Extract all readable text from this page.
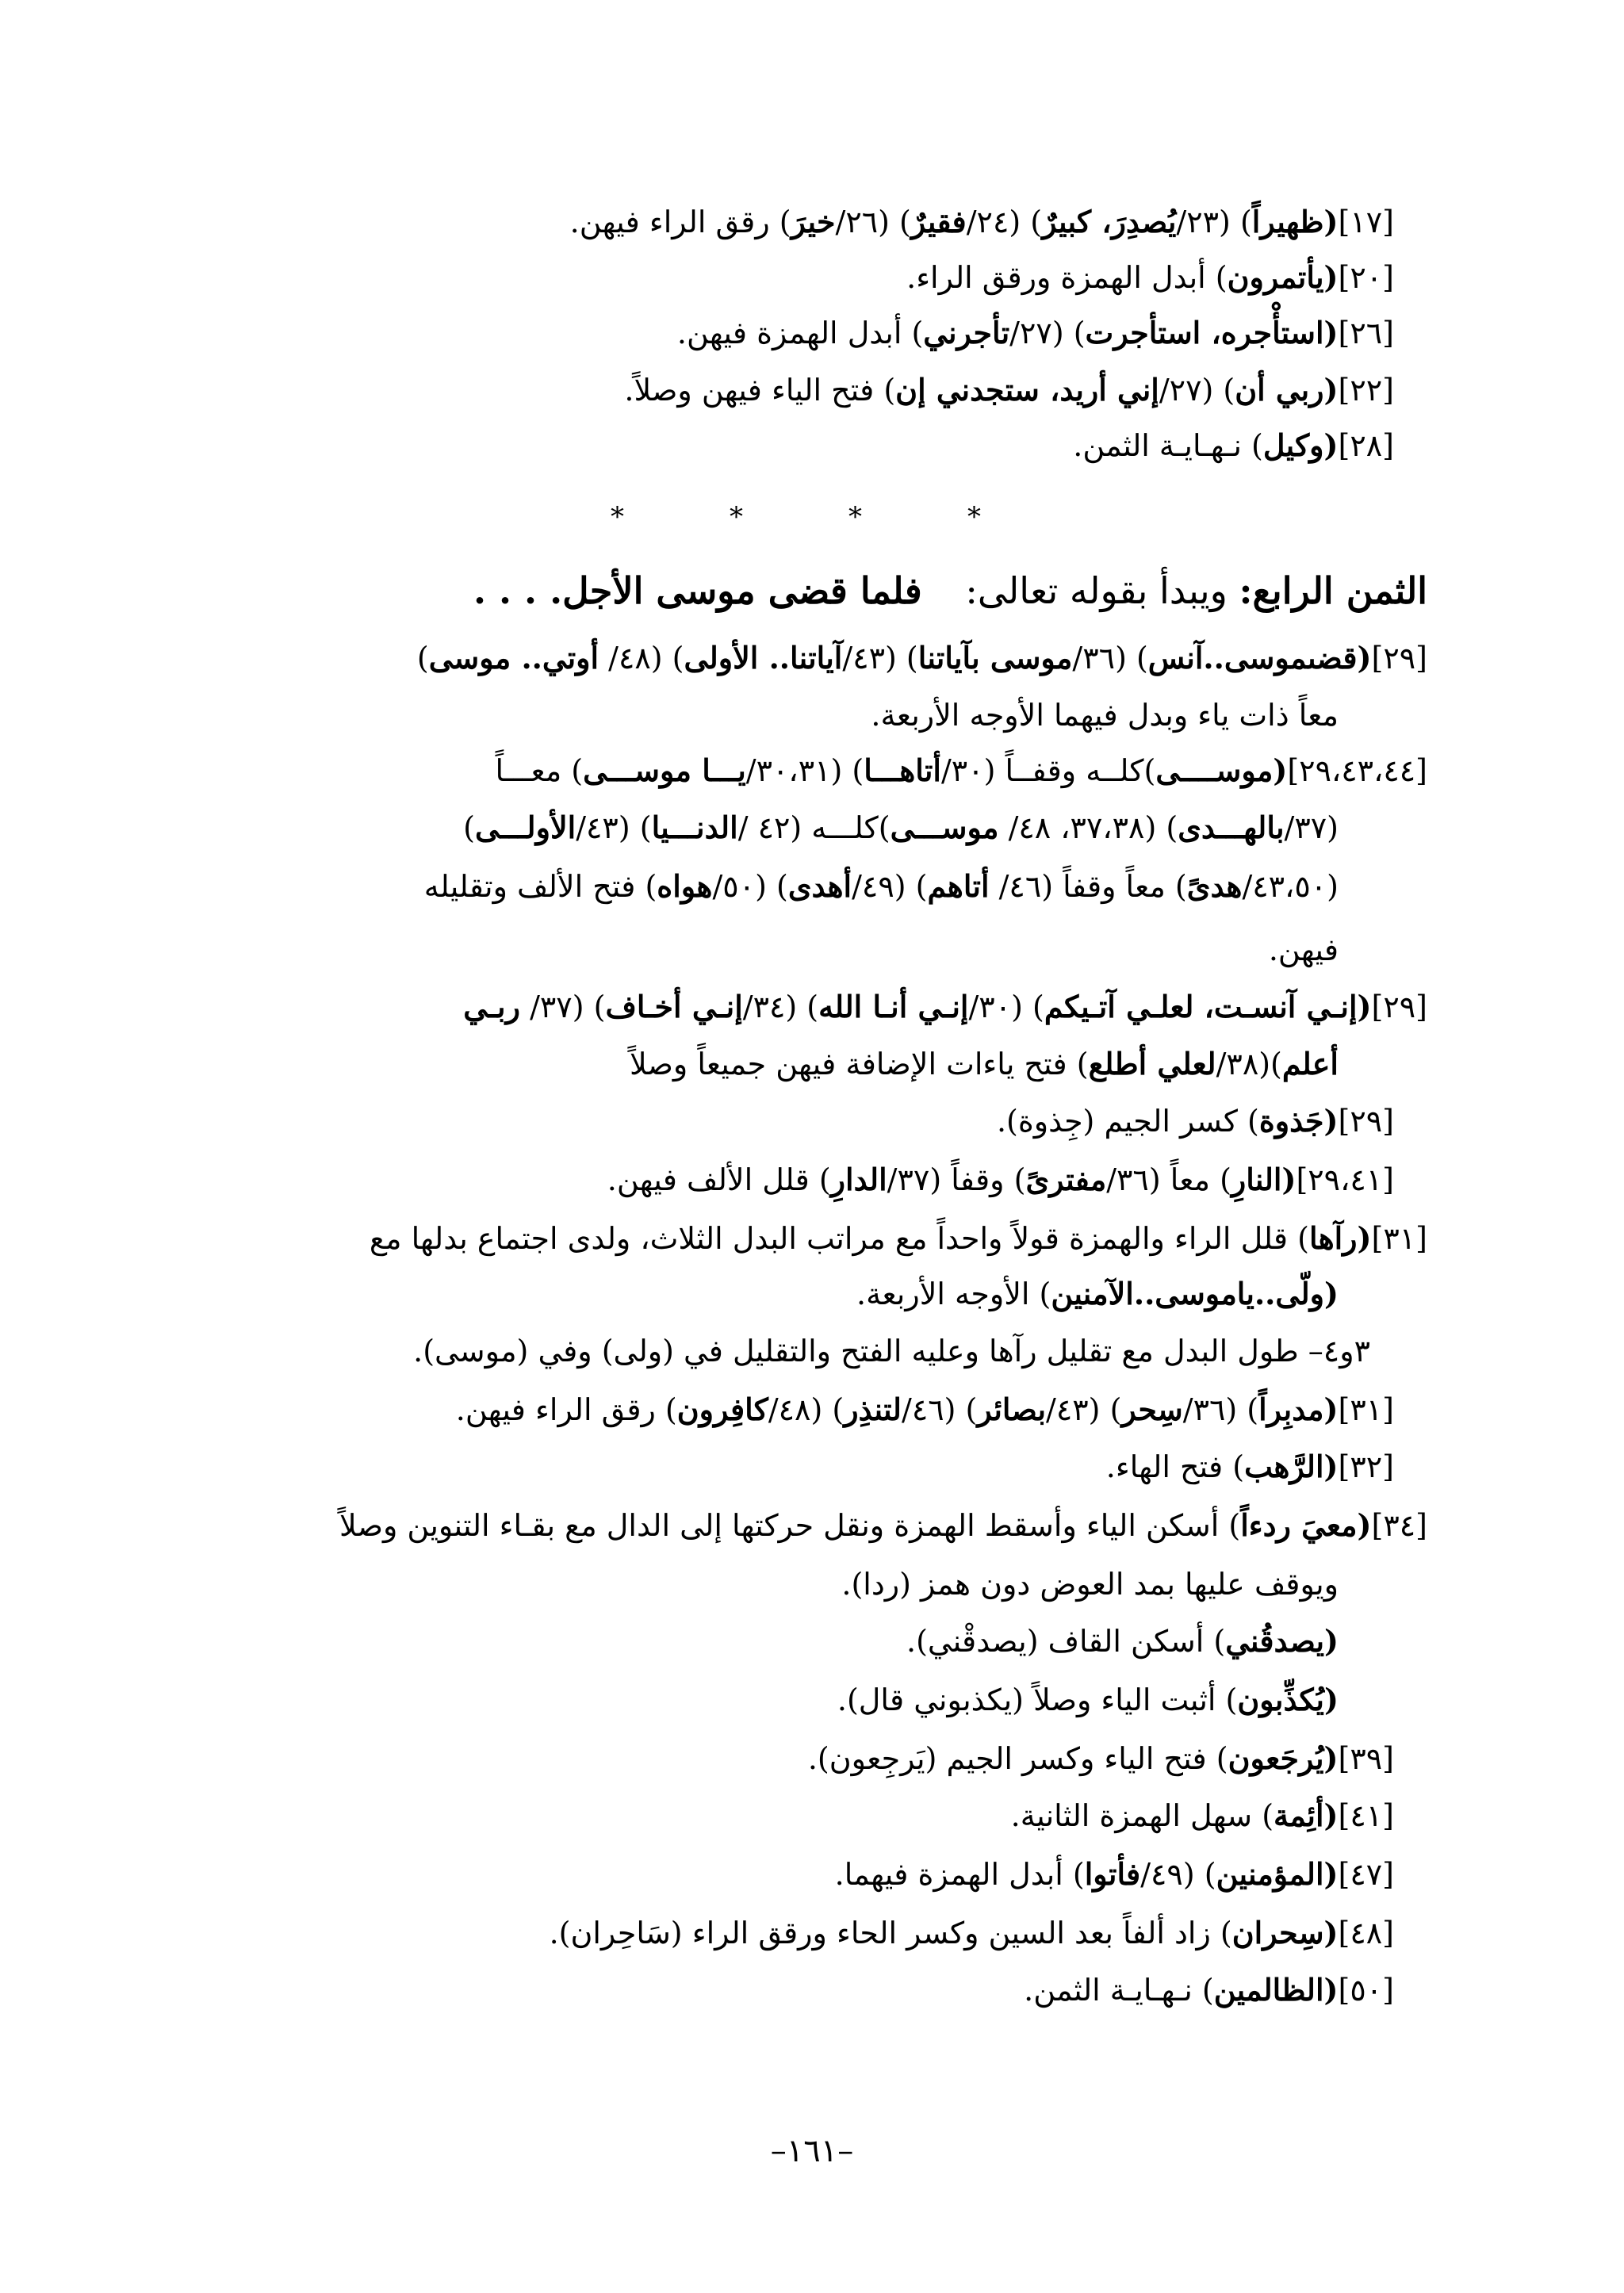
[١٧](ظهيراً) (٢٣/يُصدِرَ، كبيرٌ) (٢٤/فقيرٌ) (٢٦/خيرَ) رقق الراء فيهن.
[٢٠](يأتمرون) أبدل الهمزة ورقق الراء.
[٢٦](استأْجره، استأجرت) (٢٧/تأجرني) أبدل الهمزة فيهن.
[٢٢](ربي أن) (٢٧/إني أريد، ستجدني إن) فتح الياء فيهن وصلاً.
[٢٨](وكيل) نـهـايـة الثمن.
*	*	*	*
الثمن الرابع: ويبدأ بقوله تعالى: فلما قضى موسى الأجل. . . .
[٢٩](قضىموسى..آنس) (٣٦/موسى بآياتنا) (٤٣/آياتنا.. الأولى) (٤٨/ أوتي.. موسى)
معاً ذات ياء وبدل فيهما الأوجه الأربعة.
[٢٩،٤٣،٤٤](موســــى)كلــه وقفــاً (٣٠/أتاهـــا) (٣٠،٣١/يـــا موســـى) معـــاً
(٣٧/بالهـــدى) (٣٧،٣٨، ٤٨/ موســـى)كلـــه (٤٢ /الدنـــيا) (٤٣/الأولـــى)
(٤٣،٥٠/هدىً) معاً وقفاً (٤٦/ أتاهم) (٤٩/أهدى) (٥٠/هواه) فتح الألف وتقليله
فيهن.
[٢٩](إنـي آنسـت، لعلـي آتـيكم) (٣٠/إنـي أنـا الله) (٣٤/إنـي أخـاف) (٣٧/ ربـي
أعلم)(٣٨/لعلي أطلع) فتح ياءات الإضافة فيهن جميعاً وصلاً
[٢٩](جَذوة) كسر الجيم (جِذوة).
[٢٩،٤١](النارِ) معاً (٣٦/مفترىً) وقفاً (٣٧/الدارِ) قلل الألف فيهن.
[٣١](رآها) قلل الراء والهمزة قولاً واحداً مع مراتب البدل الثلاث، ولدى اجتماع بدلها مع
(ولّى..ياموسى..الآمنين) الأوجه الأربعة.
٣و٤– طول البدل مع تقليل رآها وعليه الفتح والتقليل في (ولى) وفي (موسى).
[٣١](مدبِراً) (٣٦/سِحر) (٤٣/بصائر) (٤٦/لتنذِر) (٤٨/كافِرون) رقق الراء فيهن.
[٣٢](الرَّهب) فتح الهاء.
[٣٤](معيَ ردءاً) أسكن الياء وأسقط الهمزة ونقل حركتها إلى الدال مع بقـاء التنوين وصلاً
ويوقف عليها بمد العوض دون همز (ردا).
(يصدقُني) أسكن القاف (يصدقْني).
(يُكذِّبون) أثبت الياء وصلاً (يكذبوني قال).
[٣٩](يُرجَعون) فتح الياء وكسر الجيم (يَرجِعون).
[٤١](أئِمة) سهل الهمزة الثانية.
[٤٧](المؤمنين) (٤٩/فأتوا) أبدل الهمزة فيهما.
[٤٨](سِحران) زاد ألفاً بعد السين وكسر الحاء ورقق الراء (سَاحِران).
[٥٠](الظالمين) نـهـايـة الثمن.
–١٦١–
